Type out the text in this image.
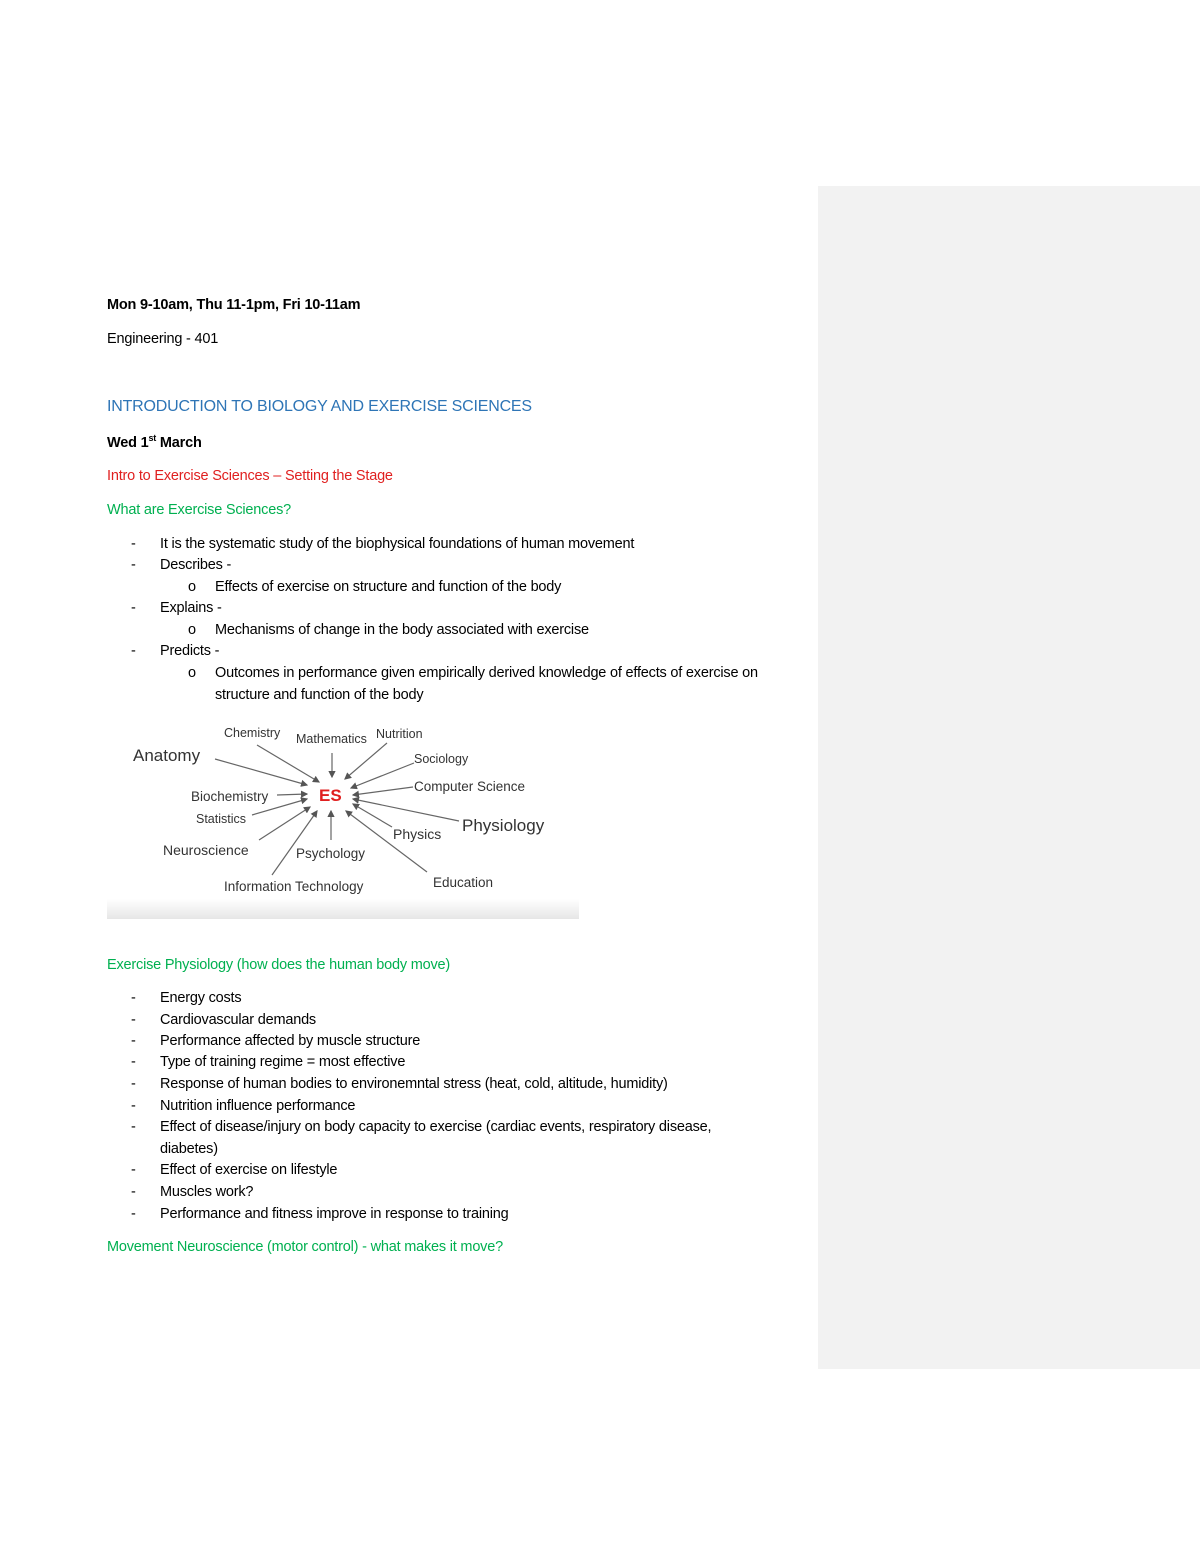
Mon 9-10am, Thu 11-1pm, Fri 10-11am
Engineering - 401
INTRODUCTION TO BIOLOGY AND EXERCISE SCIENCES
Wed 1st March
Intro to Exercise Sciences – Setting the Stage
What are Exercise Sciences?
- It is the systematic study of the biophysical foundations of human movement
- Describes -
o Effects of exercise on structure and function of the body
- Explains -
o Mechanisms of change in the body associated with exercise
- Predicts -
o Outcomes in performance given empirically derived knowledge of effects of exercise on
structure and function of the body
Exercise Physiology (how does the human body move)
- Energy costs
- Cardiovascular demands
- Performance affected by muscle structure
- Type of training regime = most effective
- Response of human bodies to environemntal stress (heat, cold, altitude, humidity)
- Nutrition influence performance
- Effect of disease/injury on body capacity to exercise (cardiac events, respiratory disease,
diabetes)
- Effect of exercise on lifestyle
- Muscles work?
- Performance and fitness improve in response to training
Movement Neuroscience (motor control) - what makes it move?
Chemistry Mathematics Nutrition
Anatomy	Sociology
Computer Science
Biochemistry
Statistics
Physics Physiology
Neuroscience	Psychology
Information Technology	Education
ES
